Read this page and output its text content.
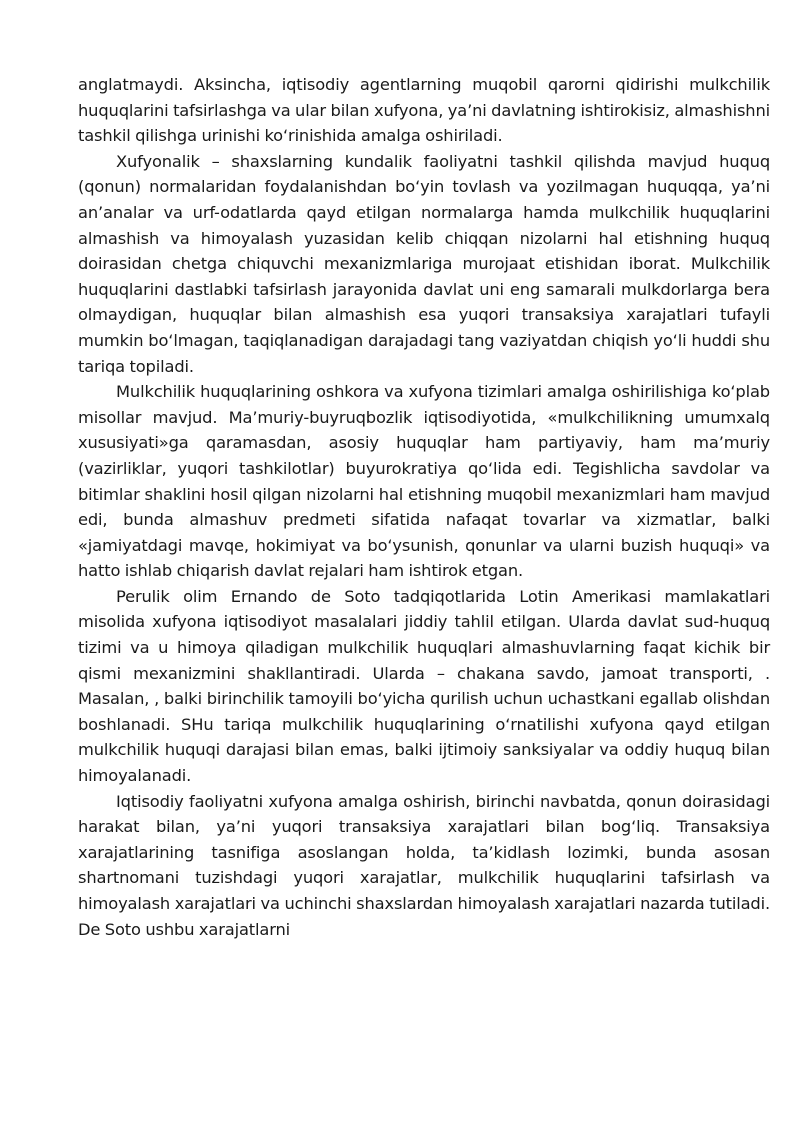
anglatmaydi. Aksincha, iqtisodiy agentlarning muqobil qarorni qidirishi mulkchilik huquqlarini tafsirlashga va ular bilan xufyona, ya’ni davlatning ishtirokisiz, almashishni tashkil qilishga urinishi ko‘rinishida amalga oshiriladi.

Xufyonalik – shaxslarning kundalik faoliyatni tashkil qilishda mavjud huquq (qonun) normalaridan foydalanishdan bo‘yin tovlash va yozilmagan huquqqa, ya’ni an’analar va urf-odatlarda qayd etilgan normalarga hamda mulkchilik huquqlarini almashish va himoyalash yuzasidan kelib chiqqan nizolarni hal etishning huquq doirasidan chetga chiquvchi mexanizmlariga murojaat etishidan iborat. Mulkchilik huquqlarini dastlabki tafsirlash jarayonida davlat uni eng samarali mulkdorlarga bera olmaydigan, huquqlar bilan almashish esa yuqori transaksiya xarajatlari tufayli mumkin bo‘lmagan, taqiqlanadigan darajadagi tang vaziyatdan chiqish yo‘li huddi shu tariqa topiladi.

Mulkchilik huquqlarining oshkora va xufyona tizimlari amalga oshirilishiga ko‘plab misollar mavjud. Ma’muriy-buyruqbozlik iqtisodiyotida, «mulkchilikning umumxalq xususiyati»ga qaramasdan, asosiy huquqlar ham partiyaviy, ham ma’muriy (vazirliklar, yuqori tashkilotlar) buyurokratiya qo‘lida edi. Tegishlicha savdolar va bitimlar shaklini hosil qilgan nizolarni hal etishning muqobil mexanizmlari ham mavjud edi, bunda almashuv predmeti sifatida nafaqat tovarlar va xizmatlar, balki «jamiyatdagi mavqe, hokimiyat va bo‘ysunish, qonunlar va ularni buzish huquqi» va hatto ishlab chiqarish davlat rejalari ham ishtirok etgan.

Perulik olim Ernando de Soto tadqiqotlarida Lotin Amerikasi mamlakatlari misolida xufyona iqtisodiyot masalalari jiddiy tahlil etilgan. Ularda davlat sud-huquq tizimi va u himoya qiladigan mulkchilik huquqlari almashuvlarning faqat kichik bir qismi mexanizmini shakllantiradi. Ularda – chakana savdo, jamoat transporti, . Masalan, , balki birinchilik tamoyili bo‘yicha qurilish uchun uchastkani egallab olishdan boshlanadi. SHu tariqa mulkchilik huquqlarining o‘rnatilishi xufyona qayd etilgan mulkchilik huquqi darajasi bilan emas, balki ijtimoiy sanksiyalar va oddiy huquq bilan himoyalanadi.

Iqtisodiy faoliyatni xufyona amalga oshirish, birinchi navbatda, qonun doirasidagi harakat bilan, ya’ni yuqori transaksiya xarajatlari bilan bog‘liq. Transaksiya xarajatlarining tasnifiga asoslangan holda, ta’kidlash lozimki, bunda asosan shartnomani tuzishdagi yuqori xarajatlar, mulkchilik huquqlarini tafsirlash va himoyalash xarajatlari va uchinchi shaxslardan himoyalash xarajatlari nazarda tutiladi. De Soto ushbu xarajatlarni
